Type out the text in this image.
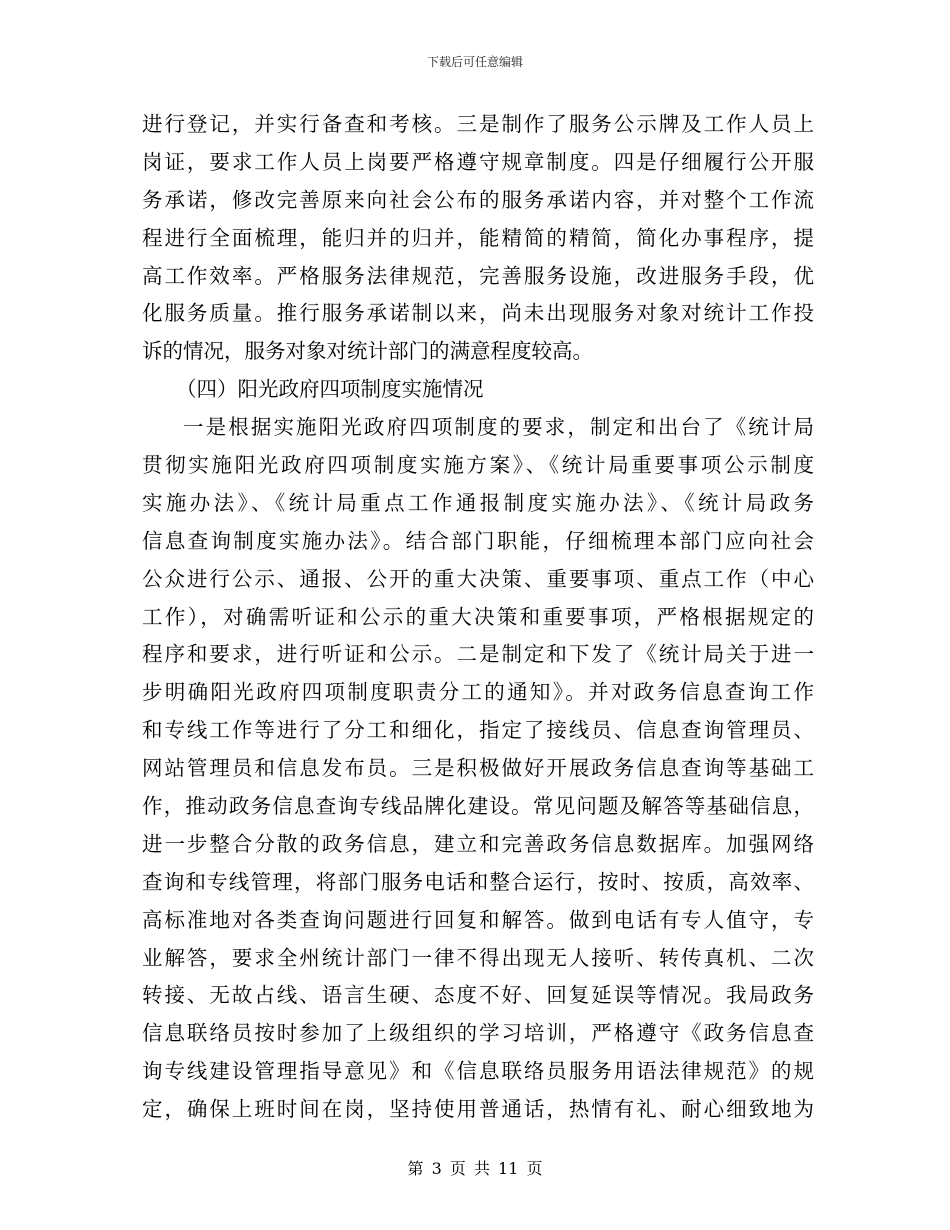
下载后可任意编辑
进行登记，并实行备查和考核。三是制作了服务公示牌及工作人员上
岗证，要求工作人员上岗要严格遵守规章制度。四是仔细履行公开服
务承诺，修改完善原来向社会公布的服务承诺内容，并对整个工作流
程进行全面梳理，能归并的归并，能精简的精简，简化办事程序，提
高工作效率。严格服务法律规范，完善服务设施，改进服务手段，优
化服务质量。推行服务承诺制以来，尚未出现服务对象对统计工作投
诉的情况，服务对象对统计部门的满意程度较高。
（四）阳光政府四项制度实施情况
一是根据实施阳光政府四项制度的要求，制定和出台了《统计局
贯彻实施阳光政府四项制度实施方案》、《统计局重要事项公示制度
实施办法》、《统计局重点工作通报制度实施办法》、《统计局政务
信息查询制度实施办法》。结合部门职能，仔细梳理本部门应向社会
公众进行公示、通报、公开的重大决策、重要事项、重点工作（中心
工作），对确需听证和公示的重大决策和重要事项，严格根据规定的
程序和要求，进行听证和公示。二是制定和下发了《统计局关于进一
步明确阳光政府四项制度职责分工的通知》。并对政务信息查询工作
和专线工作等进行了分工和细化，指定了接线员、信息查询管理员、
网站管理员和信息发布员。三是积极做好开展政务信息查询等基础工
作，推动政务信息查询专线品牌化建设。常见问题及解答等基础信息，
进一步整合分散的政务信息，建立和完善政务信息数据库。加强网络
查询和专线管理，将部门服务电话和整合运行，按时、按质，高效率、
高标准地对各类查询问题进行回复和解答。做到电话有专人值守，专
业解答，要求全州统计部门一律不得出现无人接听、转传真机、二次
转接、无故占线、语言生硬、态度不好、回复延误等情况。我局政务
信息联络员按时参加了上级组织的学习培训，严格遵守《政务信息查
询专线建设管理指导意见》和《信息联络员服务用语法律规范》的规
定，确保上班时间在岗，坚持使用普通话，热情有礼、耐心细致地为
第 3 页 共 11 页
